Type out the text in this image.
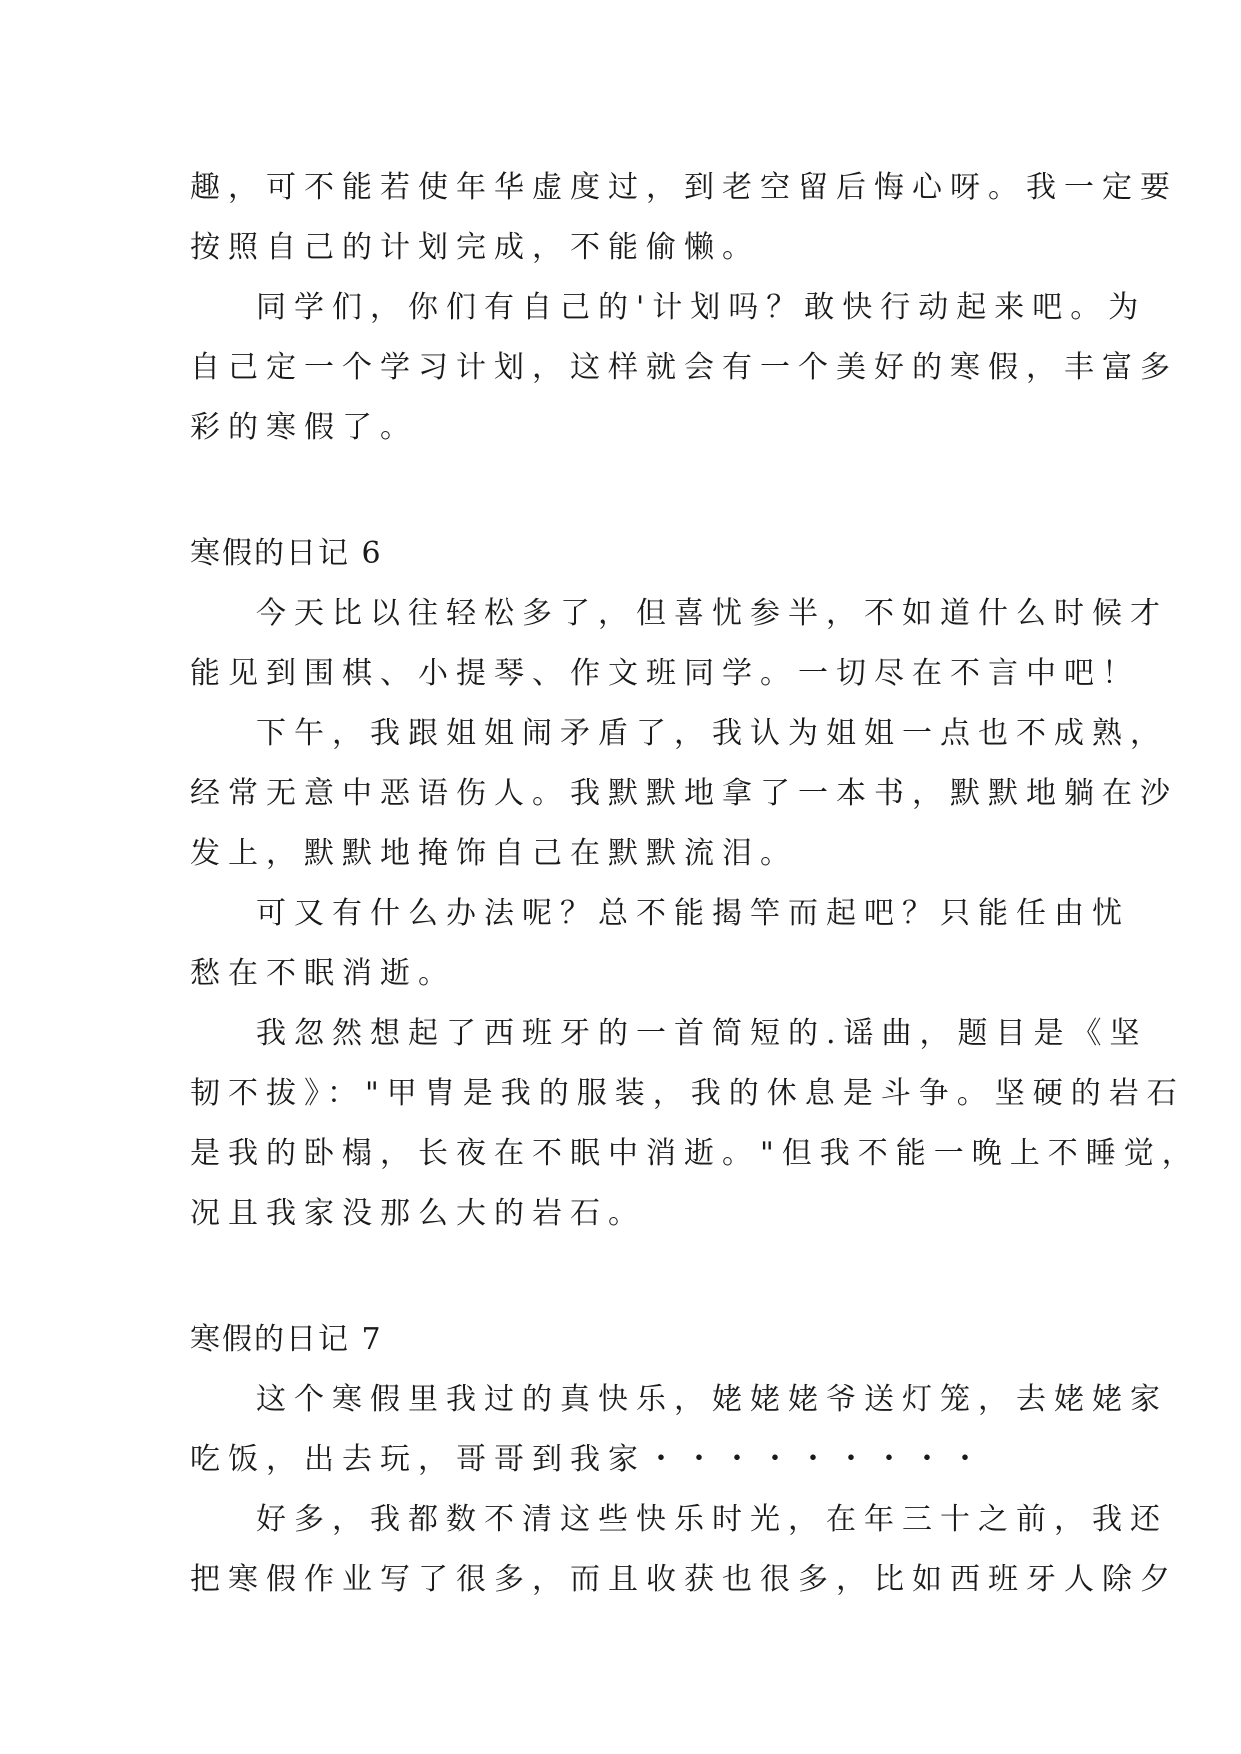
趣，可不能若使年华虚度过，到老空留后悔心呀。我一定要
按照自己的计划完成，不能偷懒。
同学们，你们有自己的'计划吗？敢快行动起来吧。为
自己定一个学习计划，这样就会有一个美好的寒假，丰富多
彩的寒假了。
寒假的日记 6
今天比以往轻松多了，但喜忧参半，不如道什么时候才
能见到围棋、小提琴、作文班同学。一切尽在不言中吧！
下午，我跟姐姐闹矛盾了，我认为姐姐一点也不成熟，
经常无意中恶语伤人。我默默地拿了一本书，默默地躺在沙
发上，默默地掩饰自己在默默流泪。
可又有什么办法呢？总不能揭竿而起吧？只能任由忧
愁在不眠消逝。
我忽然想起了西班牙的一首简短的.谣曲，题目是《坚
韧不拔》："甲胄是我的服装，我的休息是斗争。坚硬的岩石
是我的卧榻，长夜在不眠中消逝。"但我不能一晚上不睡觉，
况且我家没那么大的岩石。
寒假的日记 7
这个寒假里我过的真快乐，姥姥姥爷送灯笼，去姥姥家
吃饭，出去玩，哥哥到我家・・・・・・・・・
好多，我都数不清这些快乐时光，在年三十之前，我还
把寒假作业写了很多，而且收获也很多，比如西班牙人除夕
